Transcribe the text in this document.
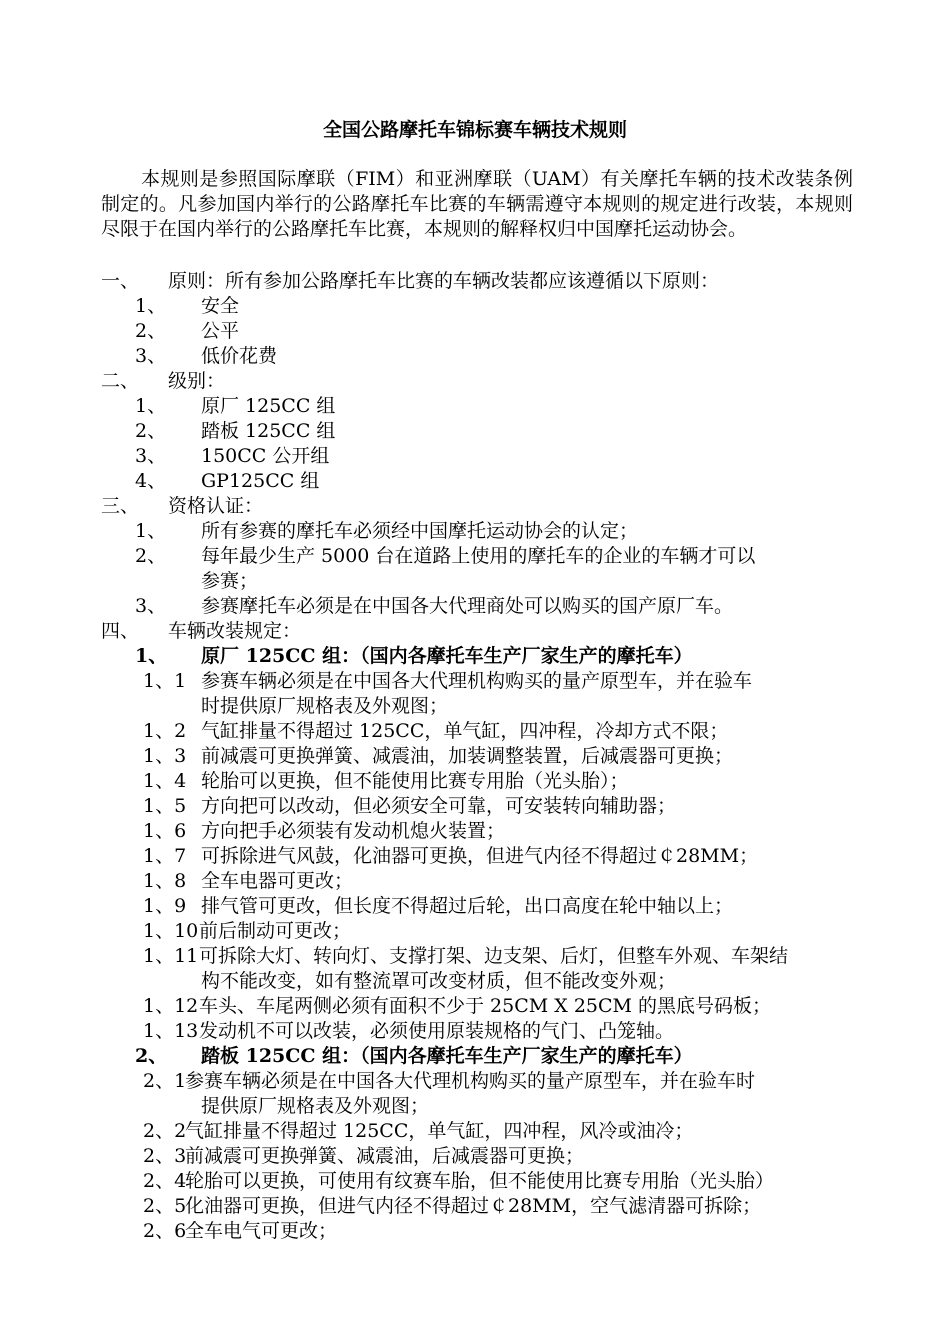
全国公路摩托车锦标赛车辆技术规则
本规则是参照国际摩联（FIM）和亚洲摩联（UAM）有关摩托车辆的技术改装条例制定的。凡参加国内举行的公路摩托车比赛的车辆需遵守本规则的规定进行改装，本规则尽限于在国内举行的公路摩托车比赛，本规则的解释权归中国摩托运动协会。
一、 原则：所有参加公路摩托车比赛的车辆改装都应该遵循以下原则：
1、 安全
2、 公平
3、 低价花费
二、 级别：
1、 原厂 125CC 组
2、 踏板 125CC 组
3、 150CC 公开组
4、 GP125CC 组
三、 资格认证：
1、 所有参赛的摩托车必须经中国摩托运动协会的认定；
2、 每年最少生产 5000 台在道路上使用的摩托车的企业的车辆才可以
参赛；
3、 参赛摩托车必须是在中国各大代理商处可以购买的国产原厂车。
四、 车辆改装规定：
1、 原厂 125CC 组：（国内各摩托车生产厂家生产的摩托车）
1、1 参赛车辆必须是在中国各大代理机构购买的量产原型车，并在验车
时提供原厂规格表及外观图；
1、2 气缸排量不得超过 125CC，单气缸，四冲程，冷却方式不限；
1、3 前减震可更换弹簧、减震油，加装调整装置，后减震器可更换；
1、4 轮胎可以更换，但不能使用比赛专用胎（光头胎）；
1、5 方向把可以改动，但必须安全可靠，可安装转向辅助器；
1、6 方向把手必须装有发动机熄火装置；
1、7 可拆除进气风鼓，化油器可更换，但进气内径不得超过￠28MM；
1、8 全车电器可更改；
1、9 排气管可更改，但长度不得超过后轮，出口高度在轮中轴以上；
1、10 前后制动可更改；
1、11 可拆除大灯、转向灯、支撑打架、边支架、后灯，但整车外观、车架结
构不能改变，如有整流罩可改变材质，但不能改变外观；
1、12 车头、车尾两侧必须有面积不少于 25CM X 25CM 的黑底号码板；
1、13 发动机不可以改装，必须使用原装规格的气门、凸笼轴。
2、 踏板 125CC 组：（国内各摩托车生产厂家生产的摩托车）
2、1
参赛车辆必须是在中国各大代理机构购买的量产原型车，并在验车时
提供原厂规格表及外观图；
2、2
气缸排量不得超过 125CC，单气缸，四冲程，风冷或油冷；
2、3
前减震可更换弹簧、减震油，后减震器可更换；
2、4
轮胎可以更换，可使用有纹赛车胎，但不能使用比赛专用胎（光头胎）
2、5
化油器可更换，但进气内径不得超过￠28MM，空气滤清器可拆除；
2、6
全车电气可更改；
